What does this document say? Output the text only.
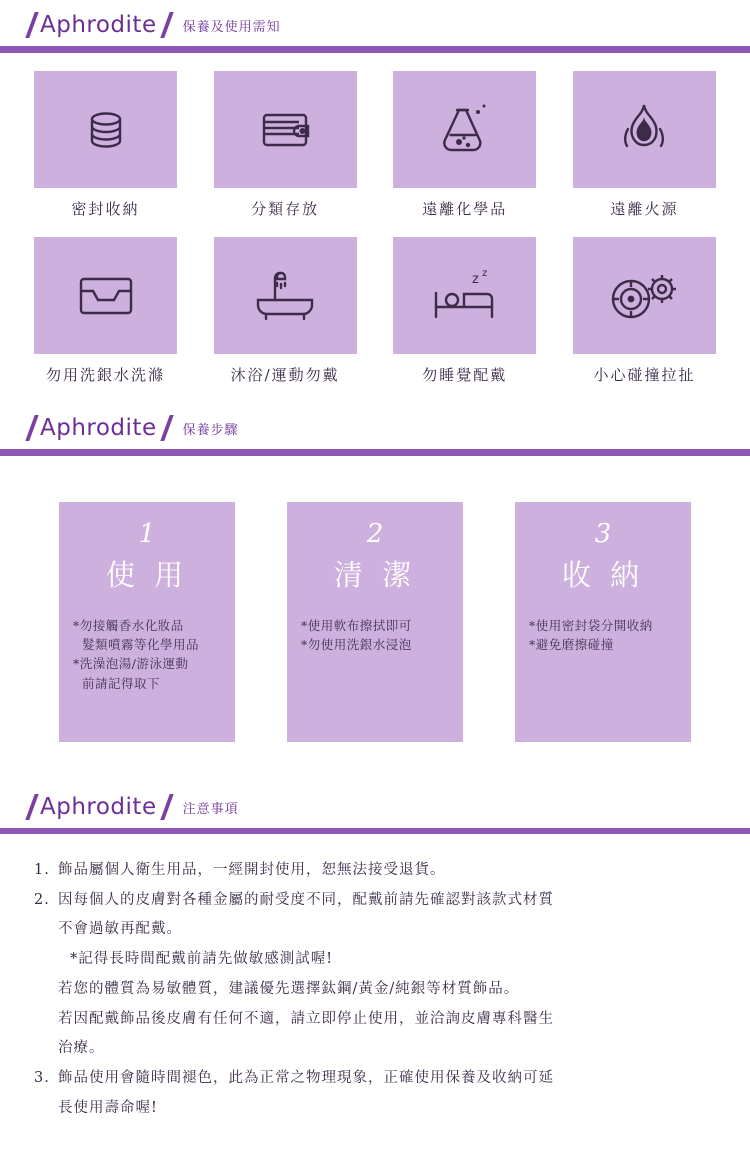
Aphrodite 保養及使用需知
密封收納	分類存放	遠離化學品	遠離火源
勿用洗銀水洗滌	沐浴/運動勿戴
z z
勿睡覺配戴	小心碰撞拉扯
Aphrodite 保養步驟
1
使 用
*勿接觸香水化妝品
髮類噴霧等化學用品
*洗澡泡湯/游泳運動
前請記得取下
2
清 潔
*使用軟布擦拭即可
*勿使用洗銀水浸泡
3
收 納
*使用密封袋分開收納
*避免磨擦碰撞
Aphrodite 注意事項
1. 飾品屬個人衛生用品，一經開封使用，恕無法接受退貨。
2. 因每個人的皮膚對各種金屬的耐受度不同，配戴前請先確認對該款式材質
不會過敏再配戴。
*記得長時間配戴前請先做敏感測試喔!
若您的體質為易敏體質，建議優先選擇鈦鋼/黃金/純銀等材質飾品。
若因配戴飾品後皮膚有任何不適，請立即停止使用，並洽詢皮膚專科醫生
治療。
3. 飾品使用會隨時間褪色，此為正常之物理現象，正確使用保養及收納可延
長使用壽命喔!
